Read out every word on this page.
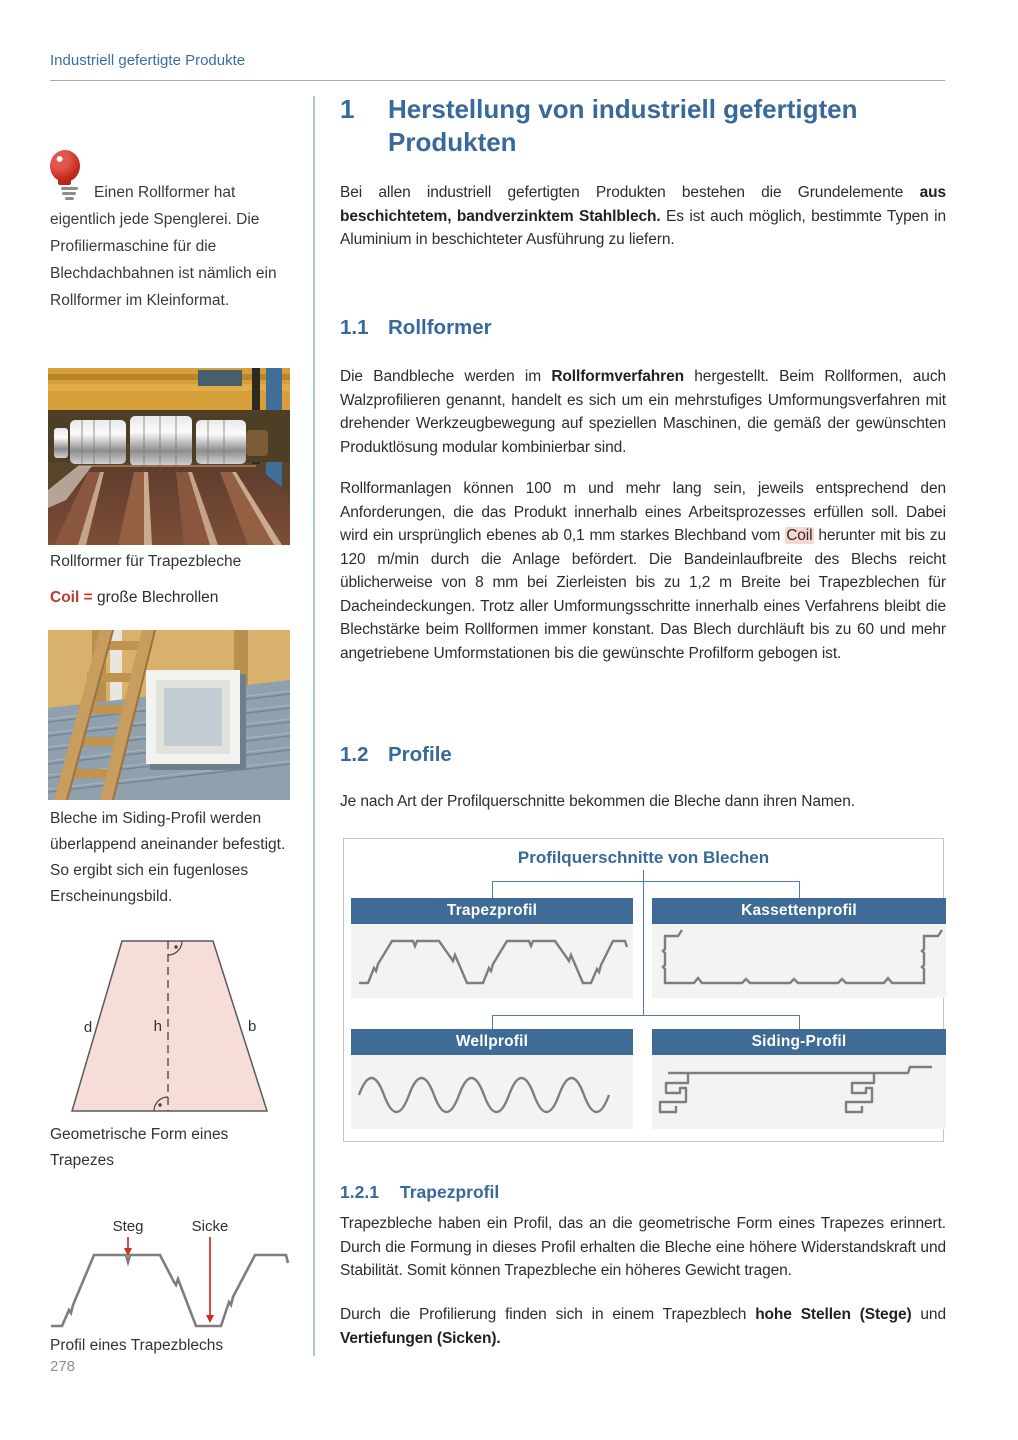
Industriell gefertigte Produkte
Einen Rollformer hat eigentlich jede Spenglerei. Die Profiliermaschine für die Blechdachbahnen ist nämlich ein Rollformer im Kleinformat.
Rollformer für Trapezbleche
Coil = große Blechrollen
Bleche im Siding-Profil werden überlappend aneinander befestigt. So ergibt sich ein fugenloses Erscheinungsbild.
d	h	b
Geometrische Form eines Trapezes
Steg	Sicke
Profil eines Trapezblechs
278
1	Herstellung von industriell gefertigten Produkten

Bei allen industriell gefertigten Produkten bestehen die Grundelemente aus beschichtetem, bandverzinktem Stahlblech. Es ist auch möglich, bestimmte Typen in Aluminium in beschichteter Ausführung zu liefern.

1.1 Rollformer

Die Bandbleche werden im Rollformverfahren hergestellt. Beim Rollformen, auch Walzprofilieren genannt, handelt es sich um ein mehrstufiges Umformungsverfahren mit drehender Werkzeugbewegung auf speziellen Maschinen, die gemäß der gewünschten Produktlösung modular kombinierbar sind.

Rollformanlagen können 100 m und mehr lang sein, jeweils entsprechend den Anforderungen, die das Produkt innerhalb eines Arbeitsprozesses erfüllen soll. Dabei wird ein ursprünglich ebenes ab 0,1 mm starkes Blechband vom Coil herunter mit bis zu 120 m/min durch die Anlage befördert. Die Bandeinlaufbreite des Blechs reicht üblicherweise von 8 mm bei Zierleisten bis zu 1,2 m Breite bei Trapezblechen für Dacheindeckungen. Trotz aller Umformungsschritte innerhalb eines Verfahrens bleibt die Blechstärke beim Rollformen immer konstant. Das Blech durchläuft bis zu 60 und mehr angetriebene Umformstationen bis die gewünschte Profilform gebogen ist.

1.2 Profile

Je nach Art der Profilquerschnitte bekommen die Bleche dann ihren Namen.

Profilquerschnitte von Blechen
Trapezprofil	Kassettenprofil
Wellprofil	Siding-Profil
1.2.1	Trapezprofil

Trapezbleche haben ein Profil, das an die geometrische Form eines Trapezes erinnert. Durch die Formung in dieses Profil erhalten die Bleche eine höhere Widerstandskraft und Stabilität. Somit können Trapezbleche ein höheres Gewicht tragen.

Durch die Profilierung finden sich in einem Trapezblech hohe Stellen (Stege) und Vertiefungen (Sicken).
